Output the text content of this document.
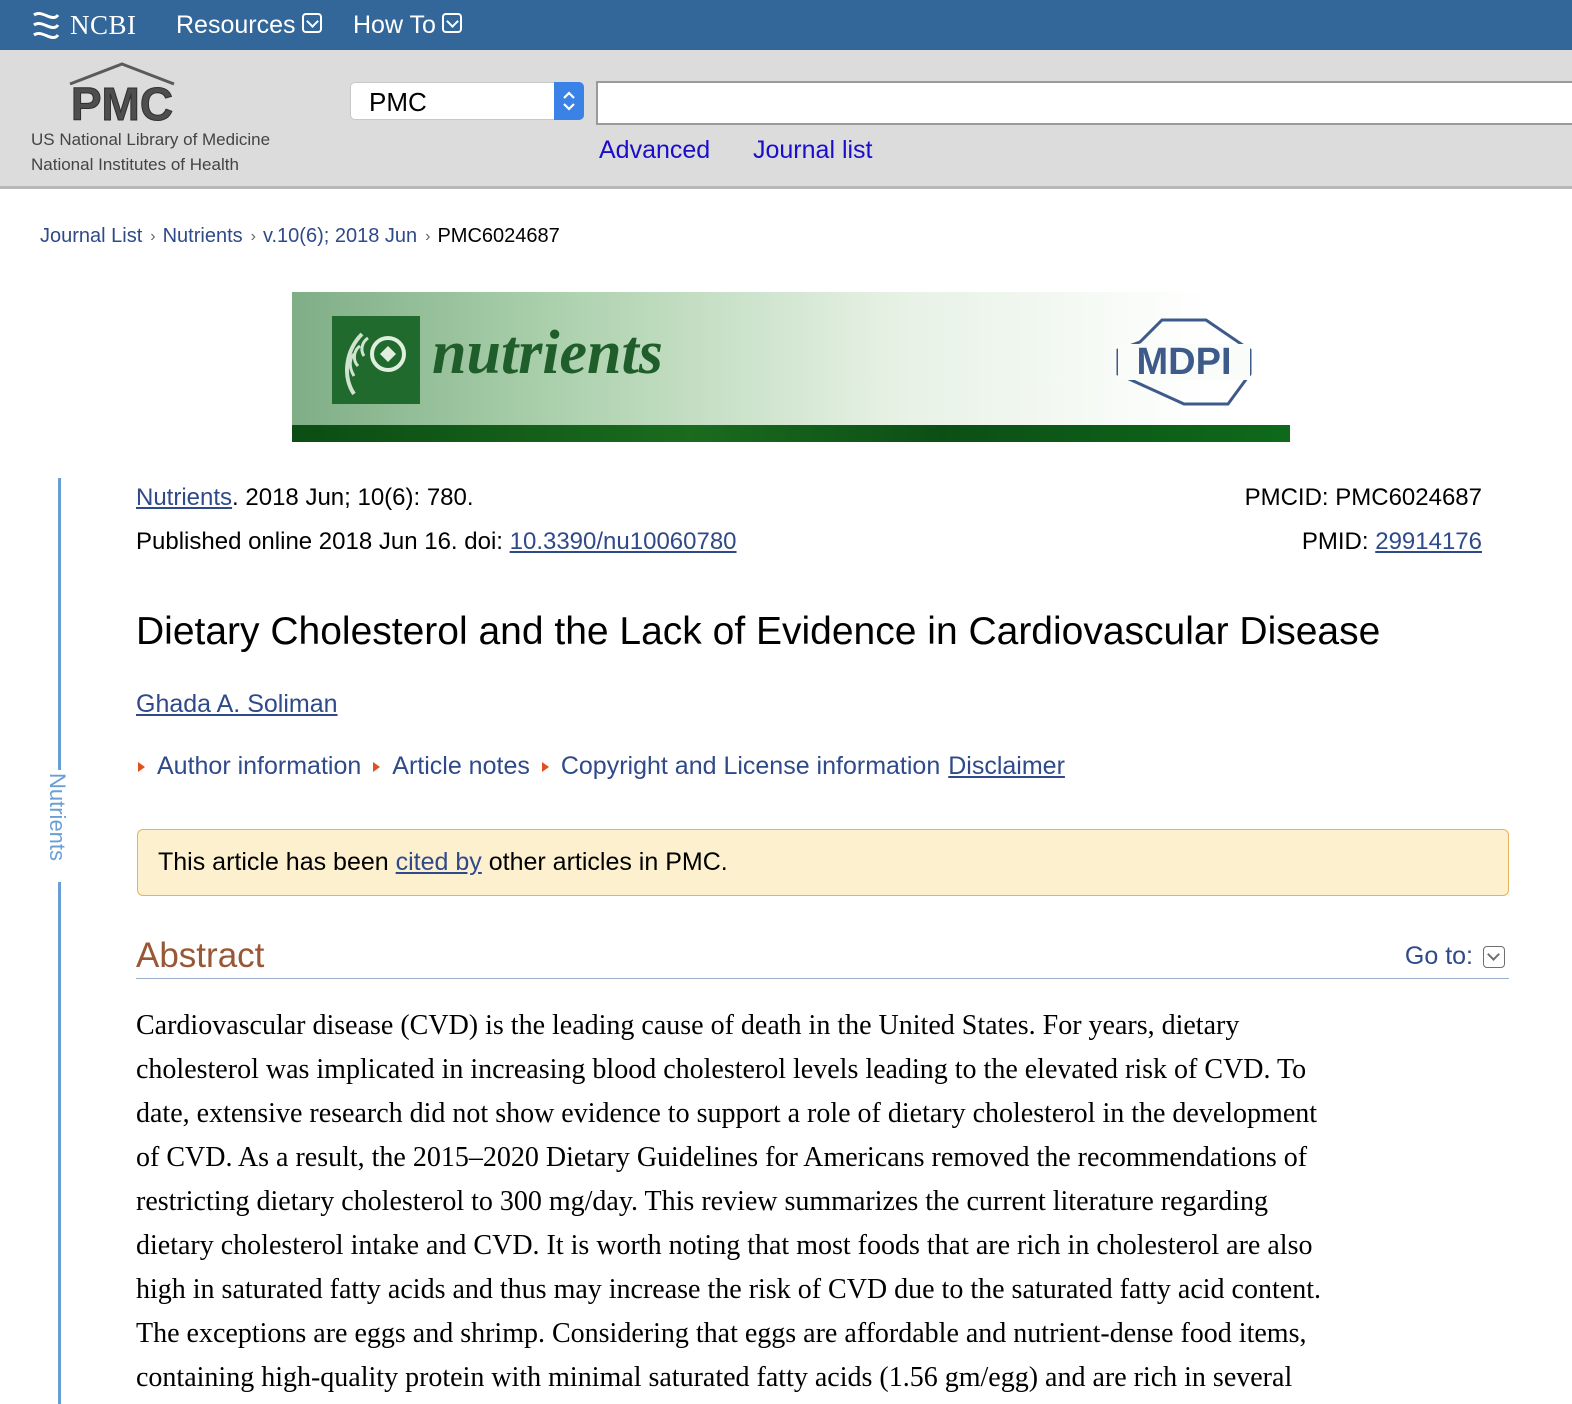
NCBI Resources How To
PMC
US National Library of Medicine
National Institutes of Health
PMC
Advanced Journal list
Journal List › Nutrients › v.10(6); 2018 Jun › PMC6024687
nutrients	MDPI
Nutrients
Nutrients. 2018 Jun; 10(6): 780.
Published online 2018 Jun 16. doi: 10.3390/nu10060780
PMCID: PMC6024687
PMID: 29914176
Dietary Cholesterol and the Lack of Evidence in Cardiovascular Disease
Ghada A. Soliman
Author information Article notes Copyright and License information Disclaimer
This article has been cited by other articles in PMC.
Abstract	Go to:
Cardiovascular disease (CVD) is the leading cause of death in the United States. For years, dietary
cholesterol was implicated in increasing blood cholesterol levels leading to the elevated risk of CVD. To
date, extensive research did not show evidence to support a role of dietary cholesterol in the development
of CVD. As a result, the 2015–2020 Dietary Guidelines for Americans removed the recommendations of
restricting dietary cholesterol to 300 mg/day. This review summarizes the current literature regarding
dietary cholesterol intake and CVD. It is worth noting that most foods that are rich in cholesterol are also
high in saturated fatty acids and thus may increase the risk of CVD due to the saturated fatty acid content.
The exceptions are eggs and shrimp. Considering that eggs are affordable and nutrient-dense food items,
containing high-quality protein with minimal saturated fatty acids (1.56 gm/egg) and are rich in several
